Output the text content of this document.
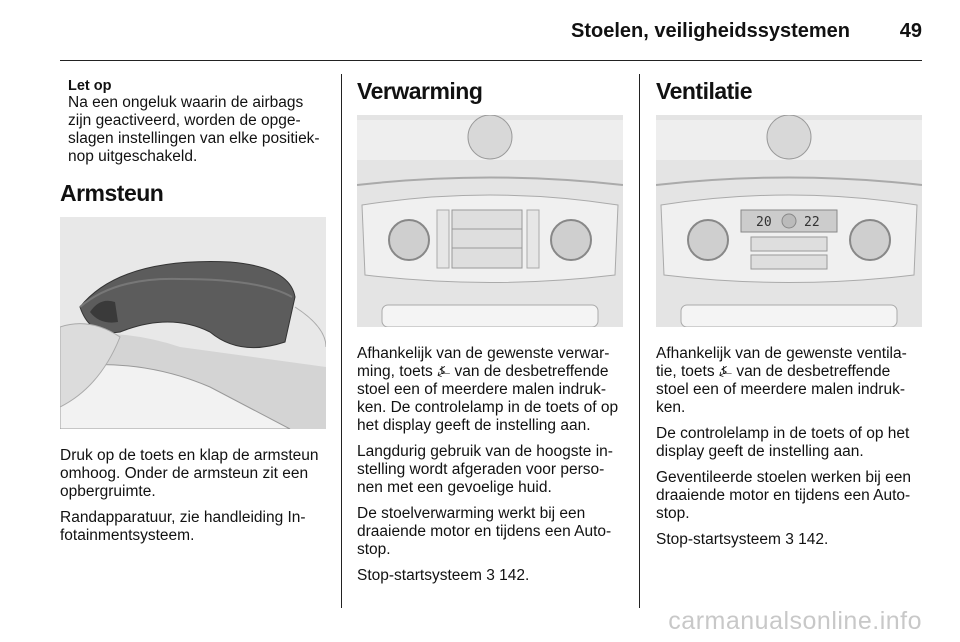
Stoelen, veiligheidssystemen 49
Let op
Na een ongeluk waarin de airbags zijn geactiveerd, worden de opge-slagen instellingen van elke positiek-nop uitgeschakeld.
Armsteun

Druk op de toets en klap de armsteun omhoog. Onder de armsteun zit een opbergruimte.

Randapparatuur, zie handleiding In-fotainmentsysteem.

Verwarming

Afhankelijk van de gewenste verwar-ming, toets ⍼ van de desbetreffende stoel een of meerdere malen indruk-ken. De controlelamp in de toets of op het display geeft de instelling aan.

Langdurig gebruik van de hoogste in-stelling wordt afgeraden voor perso-nen met een gevoelige huid.

De stoelverwarming werkt bij een draaiende motor en tijdens een Auto-stop.

Stop-startsysteem 3 142.

Ventilatie
20 22

Afhankelijk van de gewenste ventila-tie, toets ⍼ van de desbetreffende stoel een of meerdere malen indruk-ken.

De controlelamp in de toets of op het display geeft de instelling aan.

Geventileerde stoelen werken bij een draaiende motor en tijdens een Auto-stop.

Stop-startsysteem 3 142.

carmanualsonline.info
